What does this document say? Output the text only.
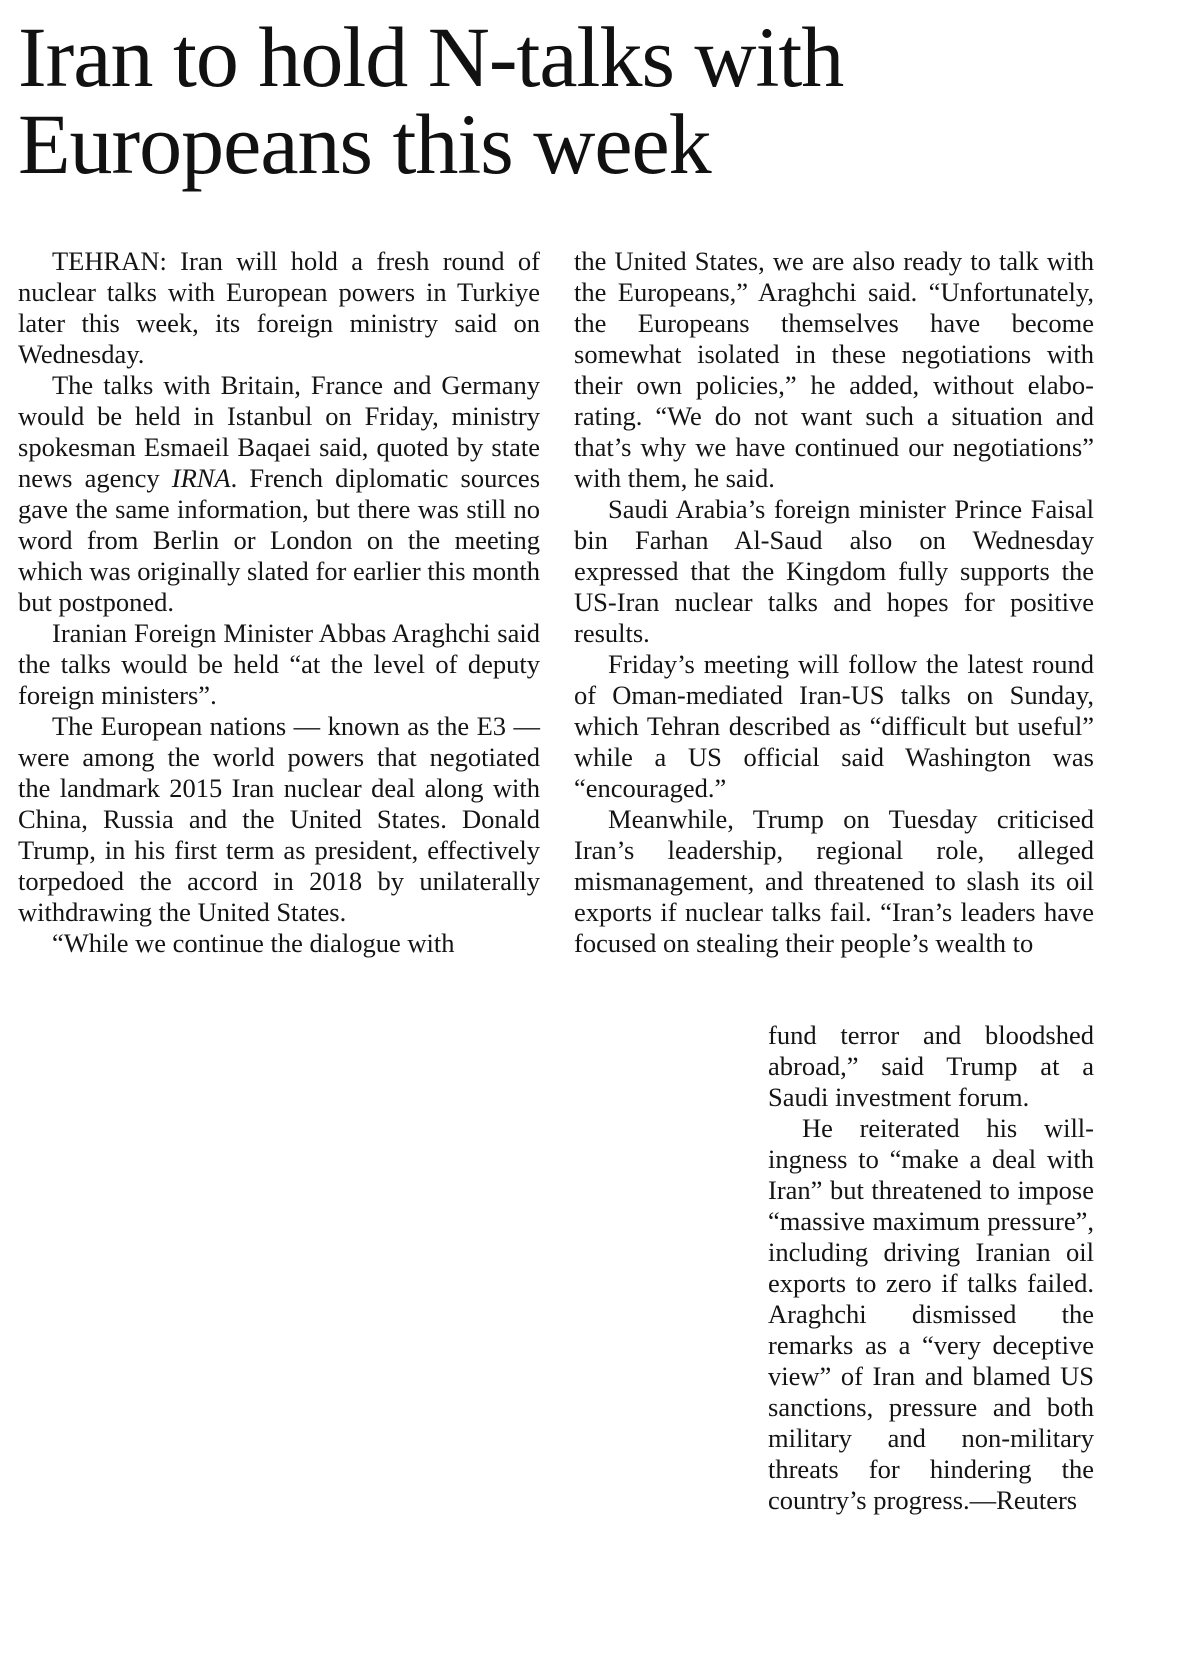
Iran to hold N-talks with Europeans this week

TEHRAN: Iran will hold a fresh round of nuclear talks with European powers in Turkiye later this week, its foreign ministry said on Wednesday.

The talks with Britain, France and Germany would be held in Istanbul on Friday, ministry spokesman Esmaeil Baqaei said, quoted by state news agency IRNA. French diplomatic sources gave the same information, but there was still no word from Berlin or London on the meeting which was originally slated for earlier this month but postponed.

Iranian Foreign Minister Abbas Araghchi said the talks would be held “at the level of deputy foreign ministers”.

The European nations — known as the E3 — were among the world powers that negotiated the landmark 2015 Iran nuclear deal along with China, Russia and the United States. Donald Trump, in his first term as president, effectively torpedoed the accord in 2018 by unilaterally withdrawing the United States.

“While we continue the dialogue with

the United States, we are also ready to talk with the Europeans,” Araghchi said. “Unfortunately, the Europeans themselves have become somewhat isolated in these negotiations with their own policies,” he added, without elaborating. “We do not want such a situation and that’s why we have continued our negotiations” with them, he said.

Saudi Arabia’s foreign minister Prince Faisal bin Farhan Al-Saud also on Wednesday expressed that the Kingdom fully supports the US-Iran nuclear talks and hopes for positive results.

Friday’s meeting will follow the latest round of Oman-mediated Iran-US talks on Sunday, which Tehran described as “difficult but useful” while a US official said Washington was “encouraged.”

Meanwhile, Trump on Tuesday criticised Iran’s leadership, regional role, alleged mismanagement, and threatened to slash its oil exports if nuclear talks fail. “Iran’s leaders have focused on stealing their people’s wealth to

fund terror and bloodshed abroad,” said Trump at a Saudi investment forum.

He reiterated his willingness to “make a deal with Iran” but threatened to impose “massive maximum pressure”, including driving Iranian oil exports to zero if talks failed. Araghchi dismissed the remarks as a “very deceptive view” of Iran and blamed US sanctions, pressure and both military and non-military threats for hindering the country’s progress.—Reuters
